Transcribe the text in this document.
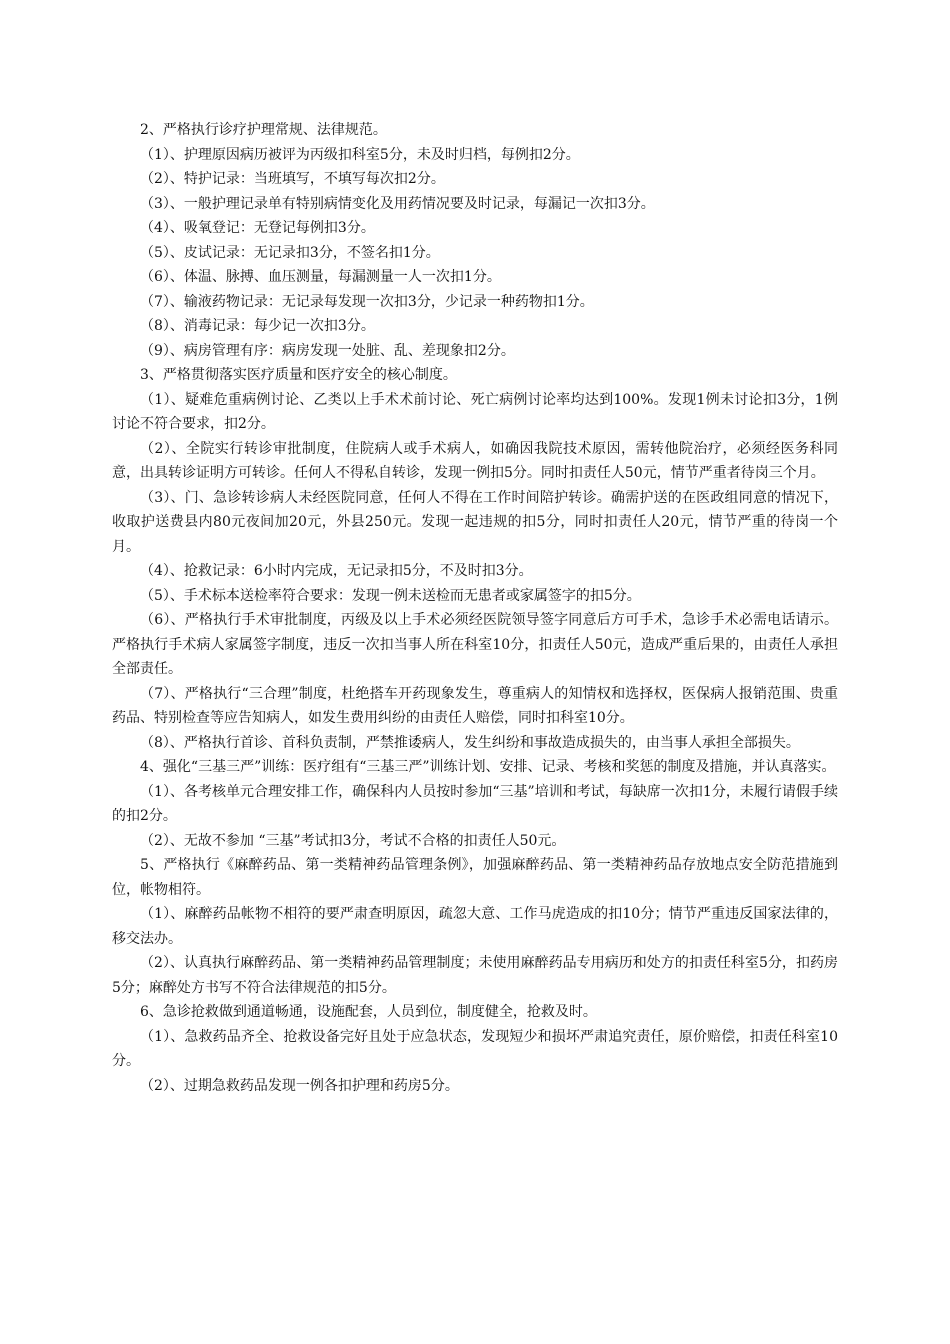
2、严格执行诊疗护理常规、法律规范。

（1）、护理原因病历被评为丙级扣科室5分，未及时归档，每例扣2分。

（2）、特护记录：当班填写，不填写每次扣2分。

（3）、一般护理记录单有特别病情变化及用药情况要及时记录，每漏记一次扣3分。

（4）、吸氧登记：无登记每例扣3分。

（5）、皮试记录：无记录扣3分，不签名扣1分。

（6）、体温、脉搏、血压测量，每漏测量一人一次扣1分。

（7）、输液药物记录：无记录每发现一次扣3分，少记录一种药物扣1分。

（8）、消毒记录：每少记一次扣3分。

（9）、病房管理有序：病房发现一处脏、乱、差现象扣2分。

3、严格贯彻落实医疗质量和医疗安全的核心制度。

（1）、疑难危重病例讨论、乙类以上手术术前讨论、死亡病例讨论率均达到100%。发现1例未讨论扣3分，1例讨论不符合要求，扣2分。

（2）、全院实行转诊审批制度，住院病人或手术病人，如确因我院技术原因，需转他院治疗，必须经医务科同意，出具转诊证明方可转诊。任何人不得私自转诊，发现一例扣5分。同时扣责任人50元，情节严重者待岗三个月。

（3）、门、急诊转诊病人未经医院同意，任何人不得在工作时间陪护转诊。确需护送的在医政组同意的情况下，收取护送费县内80元夜间加20元，外县250元。发现一起违规的扣5分，同时扣责任人20元，情节严重的待岗一个月。

（4）、抢救记录：6小时内完成，无记录扣5分，不及时扣3分。

（5）、手术标本送检率符合要求：发现一例未送检而无患者或家属签字的扣5分。

（6）、严格执行手术审批制度，丙级及以上手术必须经医院领导签字同意后方可手术，急诊手术必需电话请示。严格执行手术病人家属签字制度，违反一次扣当事人所在科室10分，扣责任人50元，造成严重后果的，由责任人承担全部责任。

（7）、严格执行“三合理”制度，杜绝搭车开药现象发生，尊重病人的知情权和选择权，医保病人报销范围、贵重药品、特别检查等应告知病人，如发生费用纠纷的由责任人赔偿，同时扣科室10分。

（8）、严格执行首诊、首科负责制，严禁推诿病人，发生纠纷和事故造成损失的，由当事人承担全部损失。

4、强化“三基三严”训练：医疗组有“三基三严”训练计划、安排、记录、考核和奖惩的制度及措施，并认真落实。

（1）、各考核单元合理安排工作，确保科内人员按时参加“三基”培训和考试，每缺席一次扣1分，未履行请假手续的扣2分。

（2）、无故不参加 “三基”考试扣3分，考试不合格的扣责任人50元。

5、严格执行《麻醉药品、第一类精神药品管理条例》，加强麻醉药品、第一类精神药品存放地点安全防范措施到位，帐物相符。

（1）、麻醉药品帐物不相符的要严肃查明原因，疏忽大意、工作马虎造成的扣10分；情节严重违反国家法律的，移交法办。

（2）、认真执行麻醉药品、第一类精神药品管理制度；未使用麻醉药品专用病历和处方的扣责任科室5分，扣药房5分；麻醉处方书写不符合法律规范的扣5分。

6、急诊抢救做到通道畅通，设施配套，人员到位，制度健全，抢救及时。

（1）、急救药品齐全、抢救设备完好且处于应急状态，发现短少和损坏严肃追究责任，原价赔偿，扣责任科室10分。

（2）、过期急救药品发现一例各扣护理和药房5分。
